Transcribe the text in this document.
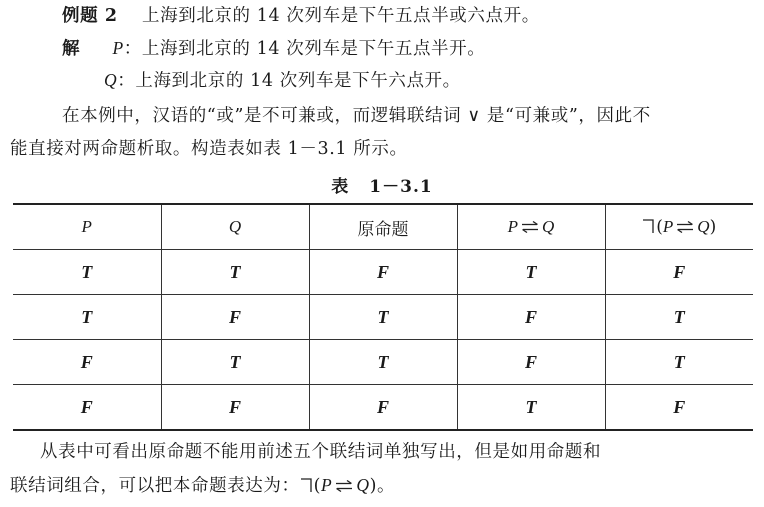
例题 2 上海到北京的 14 次列车是下午五点半或六点开。
解 P：上海到北京的 14 次列车是下午五点半开。
Q：上海到北京的 14 次列车是下午六点开。
在本例中，汉语的“或”是不可兼或，而逻辑联结词 ∨ 是“可兼或”，因此不
能直接对两命题析取。构造表如表 1－3.1 所示。
表 1－3.1
P	Q	原命题	P Q	(P Q)
T	T	F	T	F
T	F	T	F	T
F	T	T	F	T
F	F	F	T	F
从表中可看出原命题不能用前述五个联结词单独写出，但是如用命题和
联结词组合，可以把本命题表达为： (P Q)。
